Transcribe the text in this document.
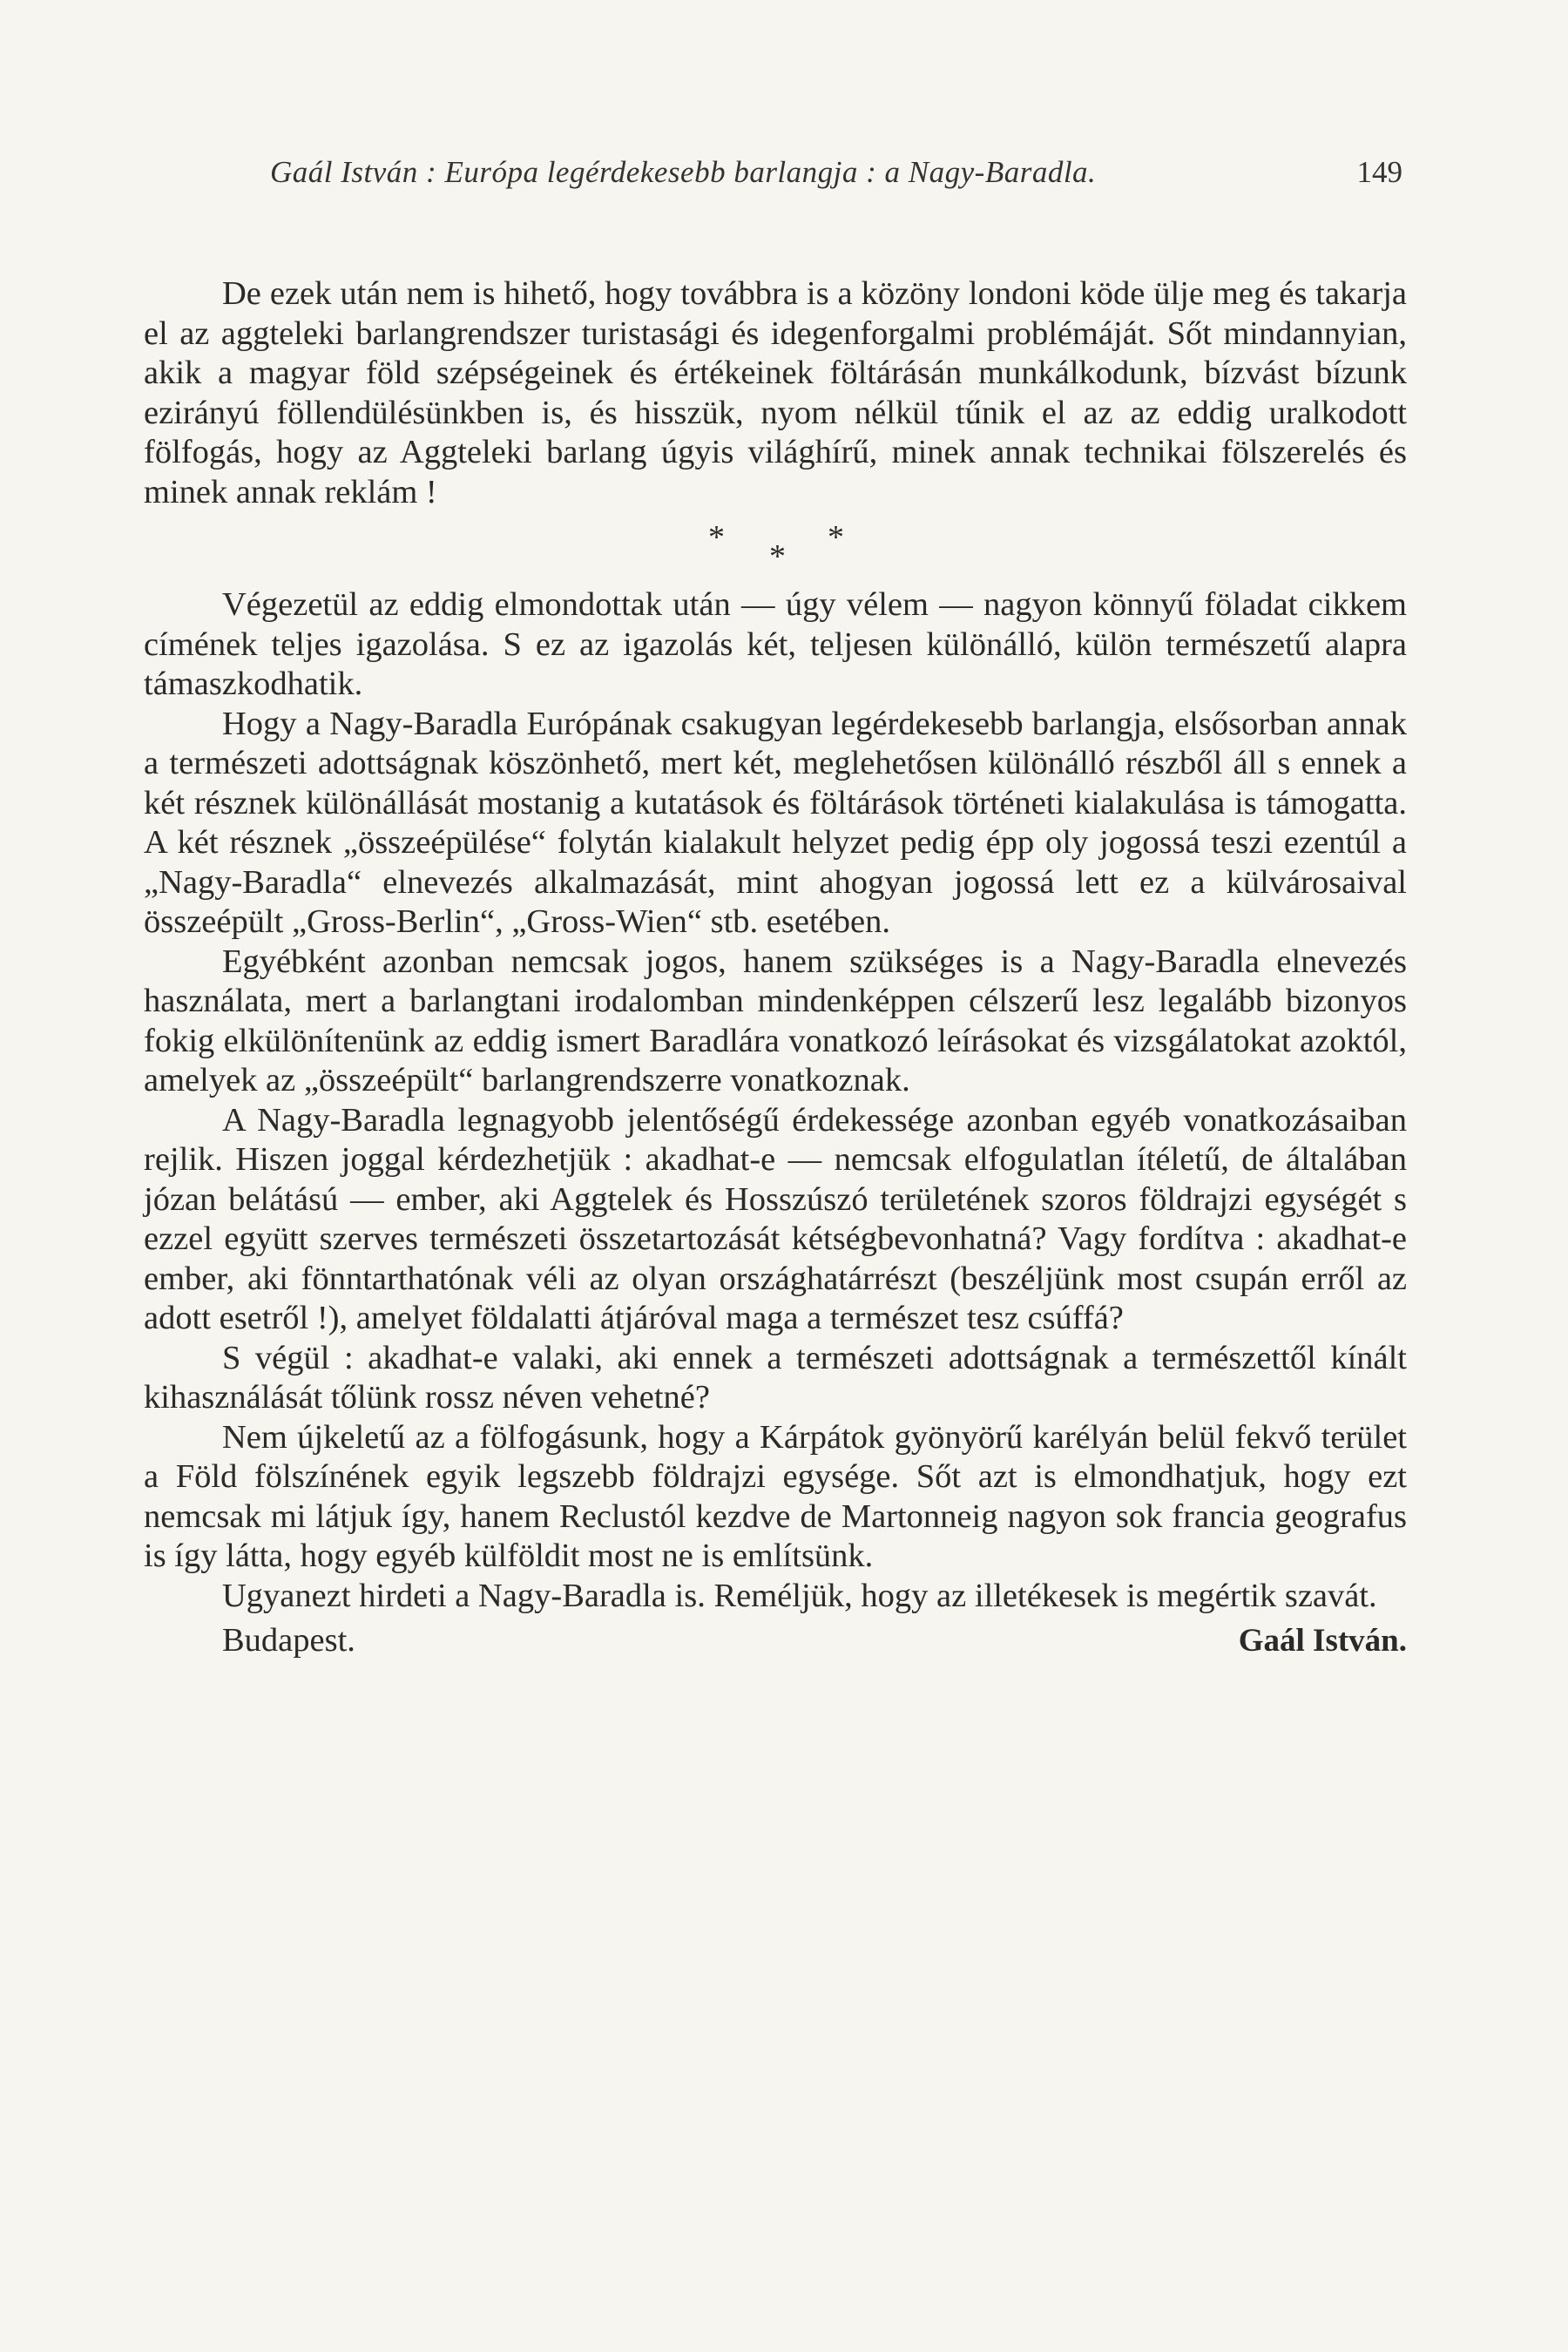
Gaál István : Európa legérdekesebb barlangja : a Nagy-Baradla.	149

De ezek után nem is hihető, hogy továbbra is a közöny londoni köde ülje meg és takarja el az aggteleki barlangrendszer turistasági és idegenforgalmi problémáját. Sőt mindannyian, akik a magyar föld szépségeinek és értékeinek föltárásán munkálkodunk, bízvást bízunk ezirányú föllendülésünkben is, és hisszük, nyom nélkül tűnik el az az eddig uralkodott fölfogás, hogy az Aggteleki barlang úgyis világhírű, minek annak technikai fölszerelés és minek annak reklám !

*
*
*

Végezetül az eddig elmondottak után — úgy vélem — nagyon könnyű föladat cikkem címének teljes igazolása. S ez az igazolás két, teljesen különálló, külön természetű alapra támaszkodhatik.

Hogy a Nagy-Baradla Európának csakugyan legérdekesebb barlangja, elsősorban annak a természeti adottságnak köszönhető, mert két, meglehetősen különálló részből áll s ennek a két résznek különállását mostanig a kutatások és föltárások történeti kialakulása is támogatta. A két résznek „összeépülése“ folytán kialakult helyzet pedig épp oly jogossá teszi ezentúl a „Nagy-Baradla“ elnevezés alkalmazását, mint ahogyan jogossá lett ez a külvárosaival összeépült „Gross-Berlin“, „Gross-Wien“ stb. esetében.

Egyébként azonban nemcsak jogos, hanem szükséges is a Nagy-Baradla elnevezés használata, mert a barlangtani irodalomban mindenképpen célszerű lesz legalább bizonyos fokig elkülönítenünk az eddig ismert Baradlára vonatkozó leírásokat és vizsgálatokat azoktól, amelyek az „összeépült“ barlangrendszerre vonatkoznak.

A Nagy-Baradla legnagyobb jelentőségű érdekessége azonban egyéb vonatkozásaiban rejlik. Hiszen joggal kérdezhetjük : akadhat-e — nemcsak elfogulatlan ítéletű, de általában józan belátású — ember, aki Aggtelek és Hosszúszó területének szoros földrajzi egységét s ezzel együtt szerves természeti összetartozását kétségbevonhatná? Vagy fordítva : akadhat-e ember, aki fönntarthatónak véli az olyan országhatárrészt (beszéljünk most csupán erről az adott esetről !), amelyet földalatti átjáróval maga a természet tesz csúffá?

S végül : akadhat-e valaki, aki ennek a természeti adottságnak a természettől kínált kihasználását tőlünk rossz néven vehetné?

Nem újkeletű az a fölfogásunk, hogy a Kárpátok gyönyörű karélyán belül fekvő terület a Föld fölszínének egyik legszebb földrajzi egysége. Sőt azt is elmondhatjuk, hogy ezt nemcsak mi látjuk így, hanem Reclustól kezdve de Martonneig nagyon sok francia geografus is így látta, hogy egyéb külföldit most ne is említsünk.

Ugyanezt hirdeti a Nagy-Baradla is. Reméljük, hogy az illetékesek is megértik szavát.

Budapest.	Gaál István.
